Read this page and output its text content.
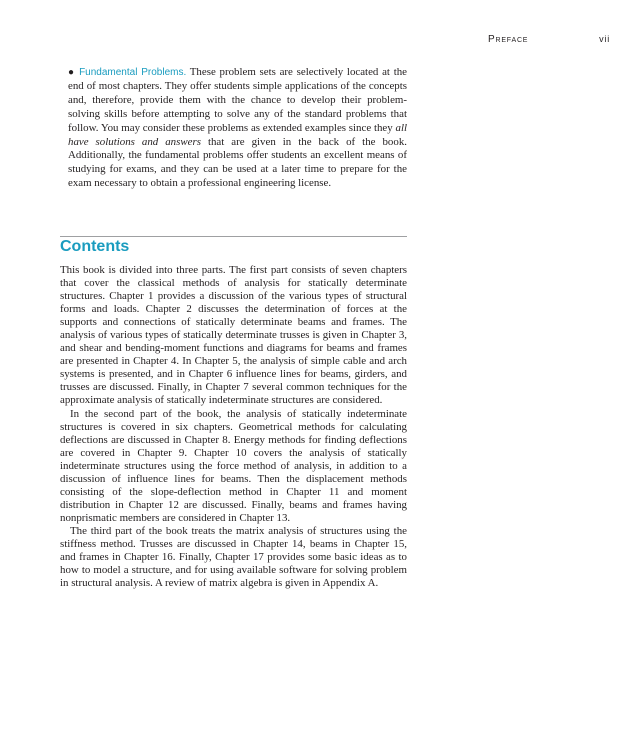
Preface	vii
● Fundamental Problems. These problem sets are selectively located at the end of most chapters. They offer students simple applications of the concepts and, therefore, provide them with the chance to develop their problem-solving skills before attempting to solve any of the standard problems that follow. You may consider these problems as extended examples since they all have solutions and answers that are given in the back of the book. Additionally, the fundamental problems offer students an excellent means of studying for exams, and they can be used at a later time to prepare for the exam necessary to obtain a professional engineering license.
Contents

This book is divided into three parts. The first part consists of seven chapters that cover the classical methods of analysis for statically determinate structures. Chapter 1 provides a discussion of the various types of structural forms and loads. Chapter 2 discusses the determination of forces at the supports and connections of statically determinate beams and frames. The analysis of various types of statically determinate trusses is given in Chapter 3, and shear and bending-moment functions and diagrams for beams and frames are presented in Chapter 4. In Chapter 5, the analysis of simple cable and arch systems is presented, and in Chapter 6 influence lines for beams, girders, and trusses are discussed. Finally, in Chapter 7 several common techniques for the approximate analysis of statically indeterminate structures are considered.

In the second part of the book, the analysis of statically indeterminate structures is covered in six chapters. Geometrical methods for calculating deflections are discussed in Chapter 8. Energy methods for finding deflections are covered in Chapter 9. Chapter 10 covers the analysis of statically indeterminate structures using the force method of analysis, in addition to a discussion of influence lines for beams. Then the displacement methods consisting of the slope-deflection method in Chapter 11 and moment distribution in Chapter 12 are discussed. Finally, beams and frames having nonprismatic members are considered in Chapter 13.

The third part of the book treats the matrix analysis of structures using the stiffness method. Trusses are discussed in Chapter 14, beams in Chapter 15, and frames in Chapter 16. Finally, Chapter 17 provides some basic ideas as to how to model a structure, and for using available software for solving problem in structural analysis. A review of matrix algebra is given in Appendix A.
